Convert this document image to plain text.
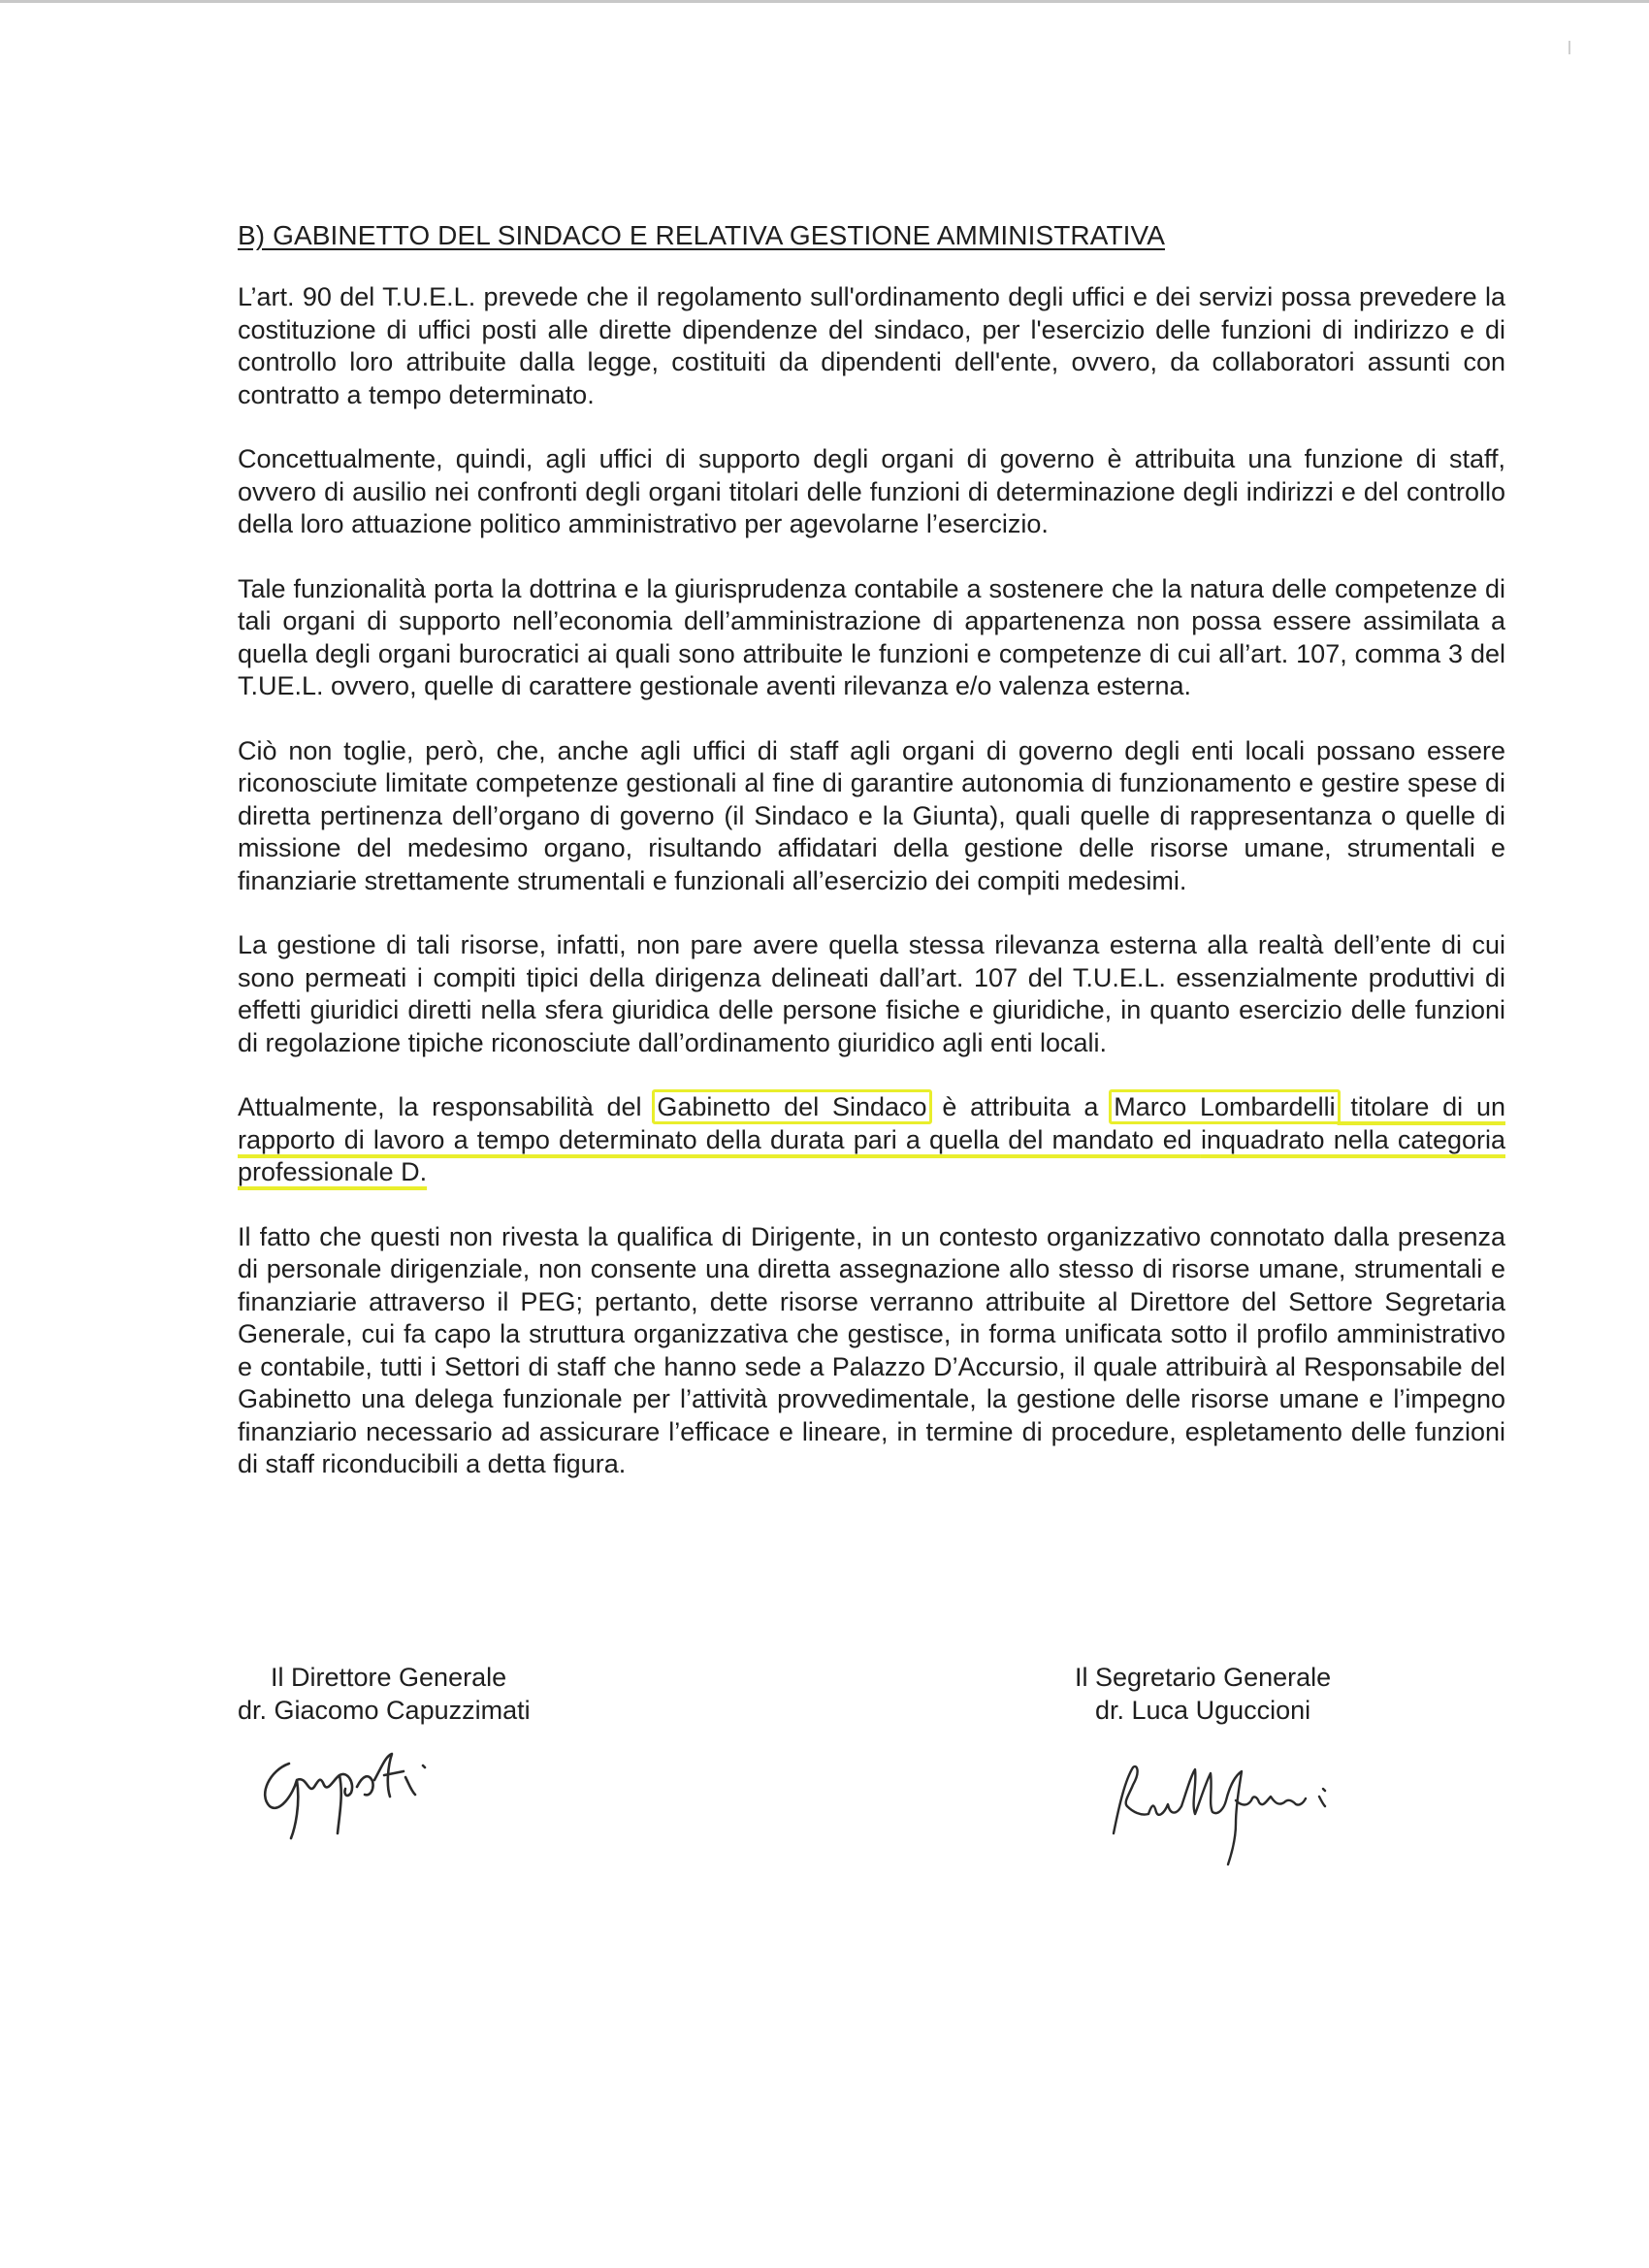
B) GABINETTO DEL SINDACO E RELATIVA GESTIONE AMMINISTRATIVA

L’art. 90 del T.U.E.L. prevede che il regolamento sull'ordinamento degli uffici e dei servizi possa prevedere la costituzione di uffici posti alle dirette dipendenze del sindaco, per l'esercizio delle funzioni di indirizzo e di controllo loro attribuite dalla legge, costituiti da dipendenti dell'ente, ovvero, da collaboratori assunti con contratto a tempo determinato.

Concettualmente, quindi, agli uffici di supporto degli organi di governo è attribuita una funzione di staff, ovvero di ausilio nei confronti degli organi titolari delle funzioni di determinazione degli indirizzi e del controllo della loro attuazione politico amministrativo per agevolarne l’esercizio.

Tale funzionalità porta la dottrina e la giurisprudenza contabile a sostenere che la natura delle competenze di tali organi di supporto nell’economia dell’amministrazione di appartenenza non possa essere assimilata a quella degli organi burocratici ai quali sono attribuite le funzioni e competenze di cui all’art. 107, comma 3 del T.UE.L. ovvero, quelle di carattere gestionale aventi rilevanza e/o valenza esterna.

Ciò non toglie, però, che, anche agli uffici di staff agli organi di governo degli enti locali possano essere riconosciute limitate competenze gestionali al fine di garantire autonomia di funzionamento e gestire spese di diretta pertinenza dell’organo di governo (il Sindaco e la Giunta), quali quelle di rappresentanza o quelle di missione del medesimo organo, risultando affidatari della gestione delle risorse umane, strumentali e finanziarie strettamente strumentali e funzionali all’esercizio dei compiti medesimi.

La gestione di tali risorse, infatti, non pare avere quella stessa rilevanza esterna alla realtà dell’ente di cui sono permeati i compiti tipici della dirigenza delineati dall’art. 107 del T.U.E.L. essenzialmente produttivi di effetti giuridici diretti nella sfera giuridica delle persone fisiche e giuridiche, in quanto esercizio delle funzioni di regolazione tipiche riconosciute dall’ordinamento giuridico agli enti locali.

Attualmente, la responsabilità del Gabinetto del Sindaco è attribuita a Marco Lombardelli titolare di un rapporto di lavoro a tempo determinato della durata pari a quella del mandato ed inquadrato nella categoria professionale D.

Il fatto che questi non rivesta la qualifica di Dirigente, in un contesto organizzativo connotato dalla presenza di personale dirigenziale, non consente una diretta assegnazione allo stesso di risorse umane, strumentali e finanziarie attraverso il PEG; pertanto, dette risorse verranno attribuite al Direttore del Settore Segretaria Generale, cui fa capo la struttura organizzativa che gestisce, in forma unificata sotto il profilo amministrativo e contabile, tutti i Settori di staff che hanno sede a Palazzo D’Accursio, il quale attribuirà al Responsabile del Gabinetto una delega funzionale per l’attività provvedimentale, la gestione delle risorse umane e l’impegno finanziario necessario ad assicurare l’efficace e lineare, in termine di procedure, espletamento delle funzioni di staff riconducibili a detta figura.

Il Direttore Generale
dr. Giacomo Capuzzimati
Il Segretario Generale
dr. Luca Uguccioni
